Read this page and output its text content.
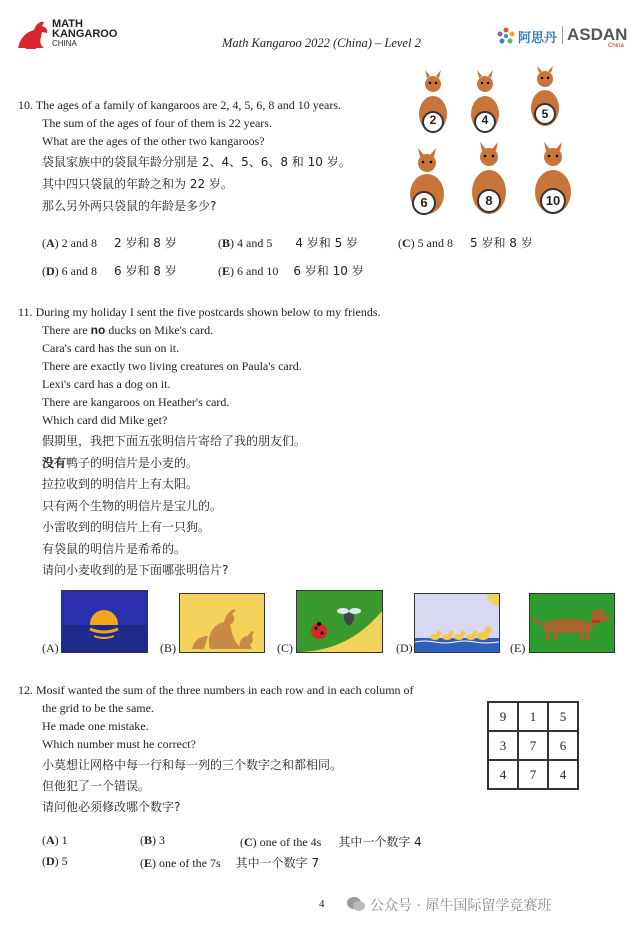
MATH
KANGAROO
CHINA	Math Kangaroo 2022 (China) – Level 2	阿思丹 ASDAN
China
10. The ages of a family of kangaroos are 2, 4, 5, 6, 8 and 10 years.
The sum of the ages of four of them is 22 years.
What are the ages of the other two kangaroos?
袋鼠家族中的袋鼠年龄分别是 2、4、5、6、8 和 10 岁。
其中四只袋鼠的年龄之和为 22 岁。
那么另外两只袋鼠的年龄是多少?
2	4	5
6	8	10
(A) 2 and 8 2 岁和 8 岁	(B) 4 and 5 4 岁和 5 岁	(C) 5 and 8 5 岁和 8 岁
(D) 6 and 8 6 岁和 8 岁	(E) 6 and 10 6 岁和 10 岁
11. During my holiday I sent the five postcards shown below to my friends.
There are no ducks on Mike's card.
Cara's card has the sun on it.
There are exactly two living creatures on Paula's card.
Lexi's card has a dog on it.
There are kangaroos on Heather's card.
Which card did Mike get?
假期里，我把下面五张明信片寄给了我的朋友们。
没有鸭子的明信片是小麦的。
拉拉收到的明信片上有太阳。
只有两个生物的明信片是宝儿的。
小雷收到的明信片上有一只狗。
有袋鼠的明信片是希希的。
请问小麦收到的是下面哪张明信片?
(A)	(B)	(C)	(D)	(E)
12. Mosif wanted the sum of the three numbers in each row and in each column of
the grid to be the same.
He made one mistake.
Which number must he correct?
小莫想让网格中每一行和每一列的三个数字之和都相同。
但他犯了一个错误。
请问他必须修改哪个数字?
9	1	5
3	7	6
4	7	4
(A) 1	(B) 3	(C) one of the 4s 其中一个数字 4
(D) 5	(E) one of the 7s 其中一个数字 7
4	公众号 · 犀牛国际留学竞赛班
